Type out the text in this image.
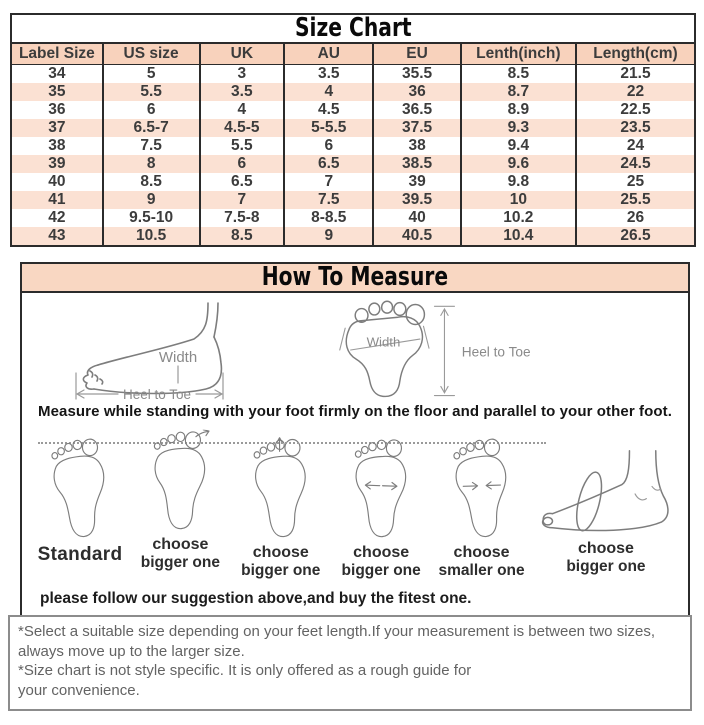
Size Chart
Label Size	US size	UK	AU	EU	Lenth(inch)	Length(cm)
34	5	3	3.5	35.5	8.5	21.5
35	5.5	3.5	4	36	8.7	22
36	6	4	4.5	36.5	8.9	22.5
37	6.5-7	4.5-5	5-5.5	37.5	9.3	23.5
38	7.5	5.5	6	38	9.4	24
39	8	6	6.5	38.5	9.6	24.5
40	8.5	6.5	7	39	9.8	25
41	9	7	7.5	39.5	10	25.5
42	9.5-10	7.5-8	8-8.5	40	10.2	26
43	10.5	8.5	9	40.5	10.4	26.5
How To Measure
Width
Heel to Toe
Width
Heel to Toe
Measure while standing with your foot firmly on the floor and parallel to your other foot.
Standard	choose
bigger one
choose
bigger one
choose
bigger one
choose
smaller one
choose
bigger one
please follow our suggestion above,and buy the fitest one.
*Select a suitable size depending on your feet length.If your measurement is between two sizes,
always move up to the larger size.
*Size chart is not style specific. It is only offered as a rough guide for
your convenience.
